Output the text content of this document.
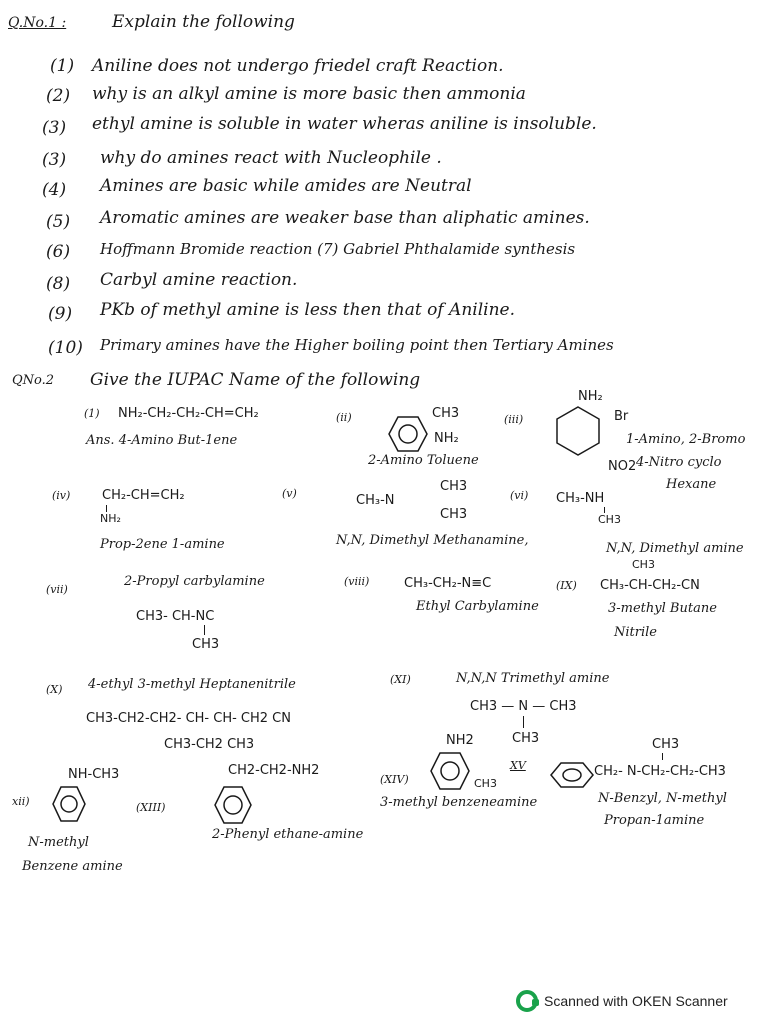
Q.No.1 :	Explain the following
(1) Aniline does not undergo friedel craft Reaction.
(2) why is an alkyl amine is more basic then ammonia
(3) ethyl amine is soluble in water wheras aniline is insoluble.
(3) why do amines react with Nucleophile .
(4) Amines are basic while amides are Neutral
(5) Aromatic amines are weaker base than aliphatic amines.
(6) Hoffmann Bromide reaction (7) Gabriel Phthalamide synthesis
(8) Carbyl amine reaction.
(9) PKb of methyl amine is less then that of Aniline.
(10) Primary amines have the Higher boiling point then Tertiary Amines
QNo.2 Give the IUPAC Name of the following
(1) NH₂-CH₂-CH₂-CH=CH₂
Ans. 4-Amino But-1ene
(ii)	CH3
NH₂
2-Amino Toluene
(iii)
NH₂
Br
NO2
1-Amino, 2-Bromo
4-Nitro cyclo
Hexane
(iv) CH₂-CH=CH₂
NH₂
Prop-2ene 1-amine
(v)	CH3
CH₃-N
CH3
N,N, Dimethyl Methanamine,
(vi) CH₃-NH
CH3
N,N, Dimethyl amine
(vii)
2-Propyl carbylamine
CH3- CH-NC
CH3
(viii)	CH₃-CH₂-N≡C
Ethyl Carbylamine
(IX)
CH3
CH₃-CH-CH₂-CN
3-methyl Butane
Nitrile
(X) 4-ethyl 3-methyl Heptanenitrile
CH3-CH2-CH2- CH- CH- CH2 CN
CH3-CH2 CH3
(XI)	N,N,N Trimethyl amine
CH3 — N — CH3
CH3
NH-CH3
xii)
N-methyl
Benzene amine
(XIII)
CH2-CH2-NH2
2-Phenyl ethane-amine
(XIV)
NH2
CH3
3-methyl benzeneamine
XV
CH3
CH₂- N-CH₂-CH₂-CH3
N-Benzyl, N-methyl
Propan-1amine
Scanned with OKEN Scanner
